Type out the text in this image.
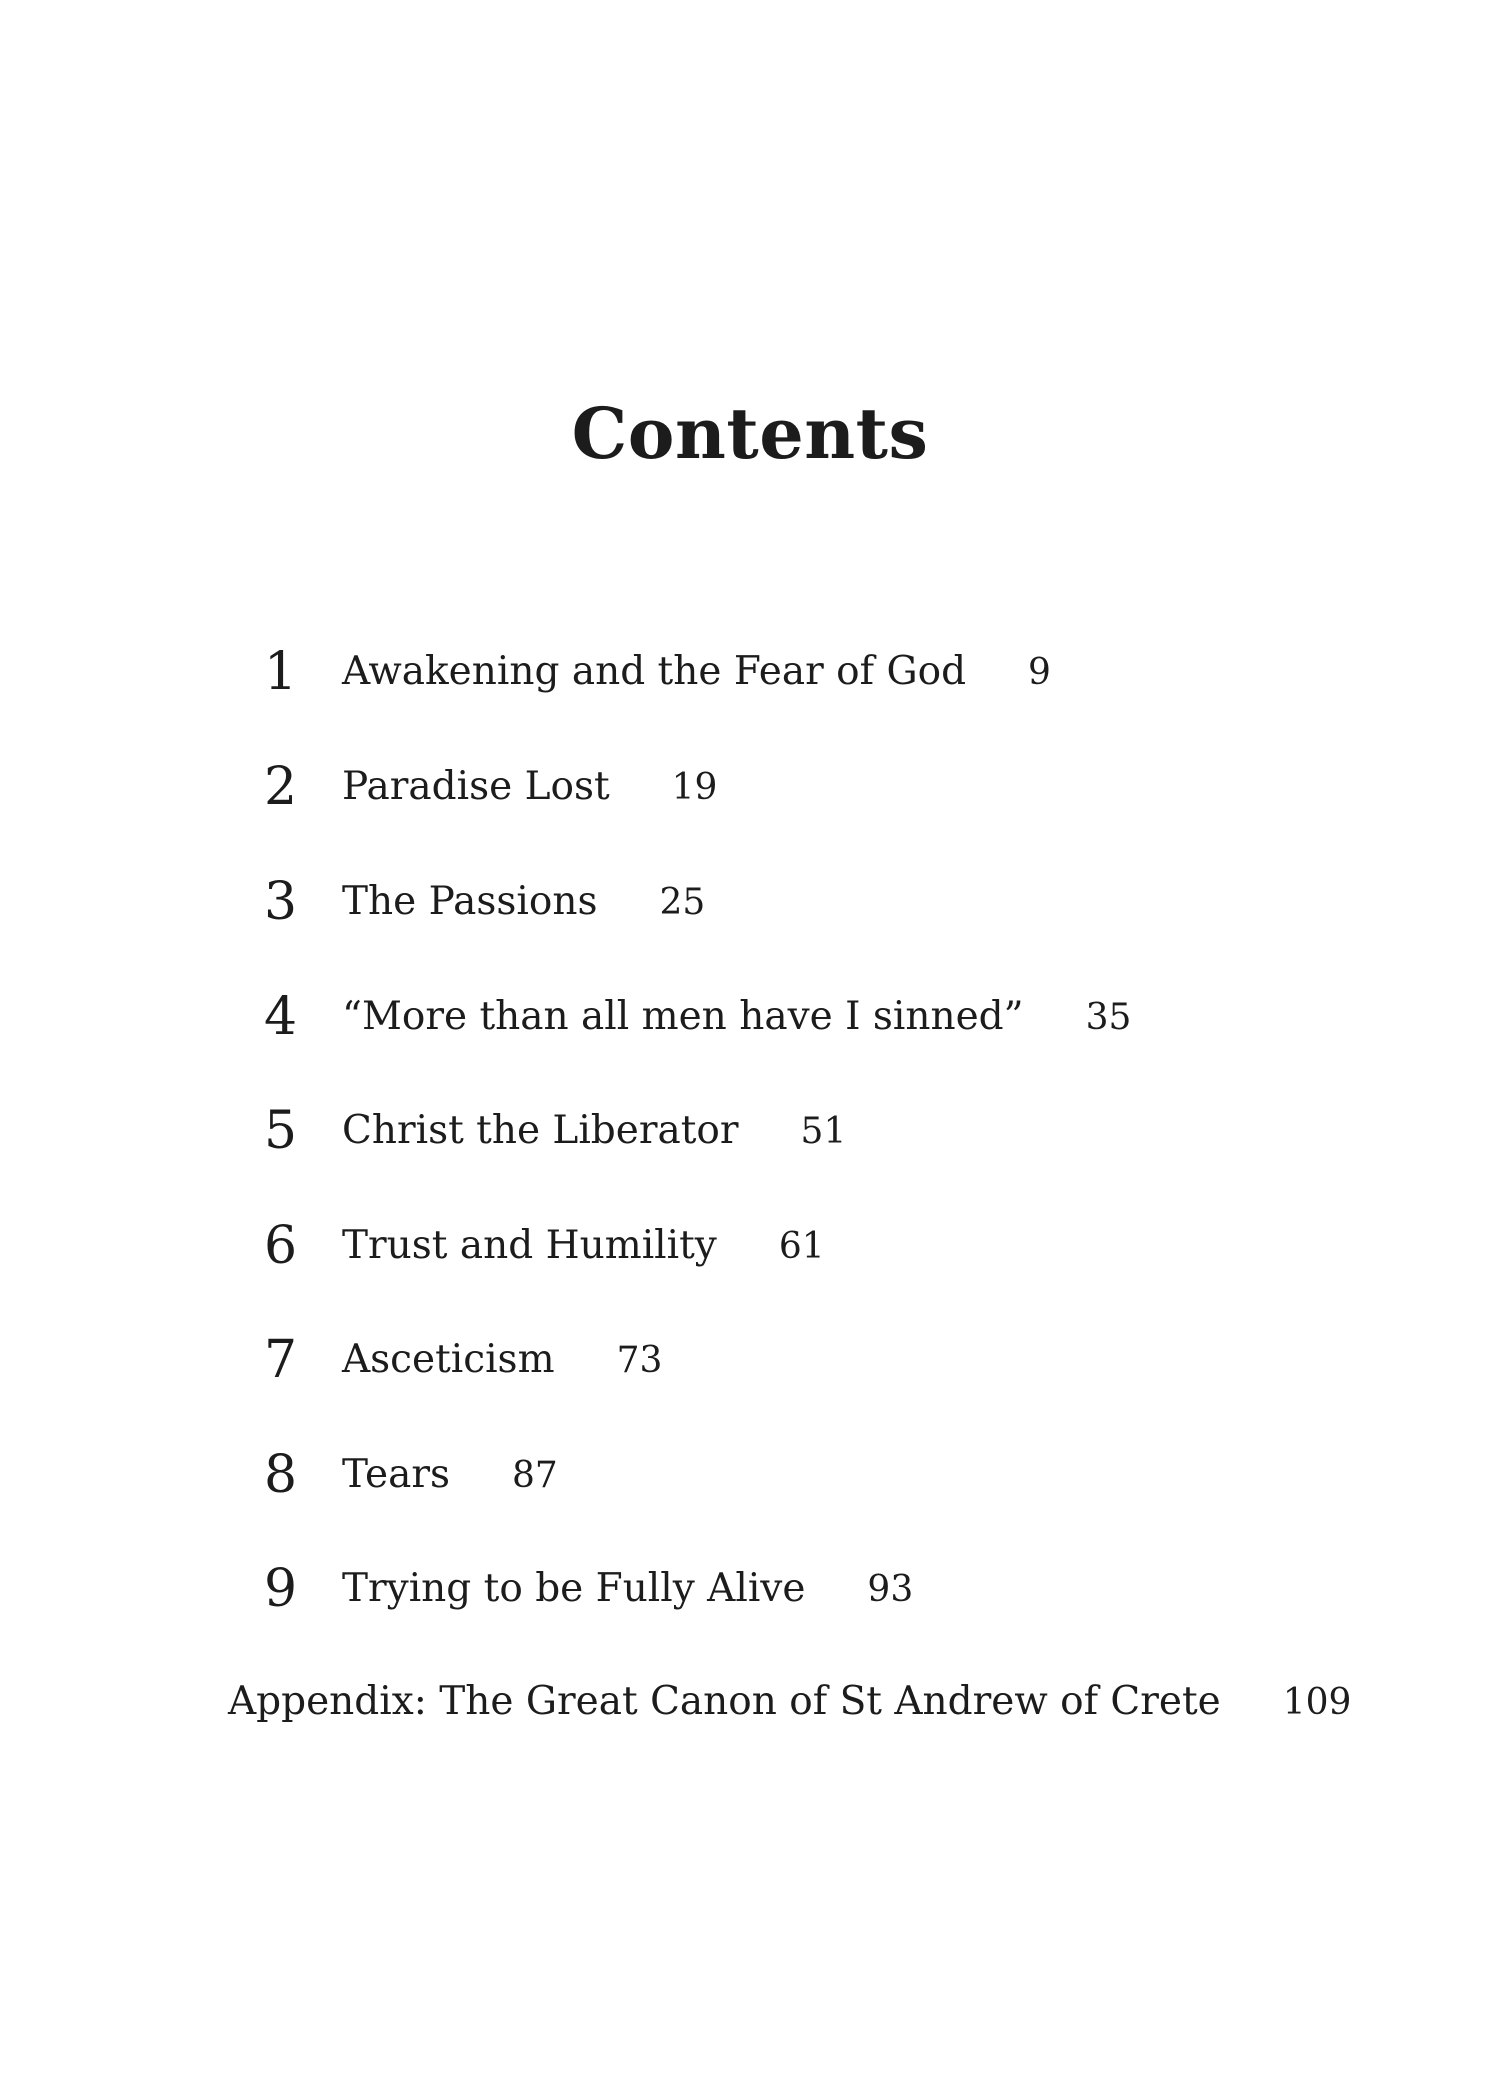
Contents
1	Awakening and the Fear of God 9
2	Paradise Lost 19
3	The Passions 25
4	“More than all men have I sinned” 35
5	Christ the Liberator 51
6	Trust and Humility 61
7	Asceticism 73
8	Tears 87
9	Trying to be Fully Alive 93
Appendix: The Great Canon of St Andrew of Crete 109
